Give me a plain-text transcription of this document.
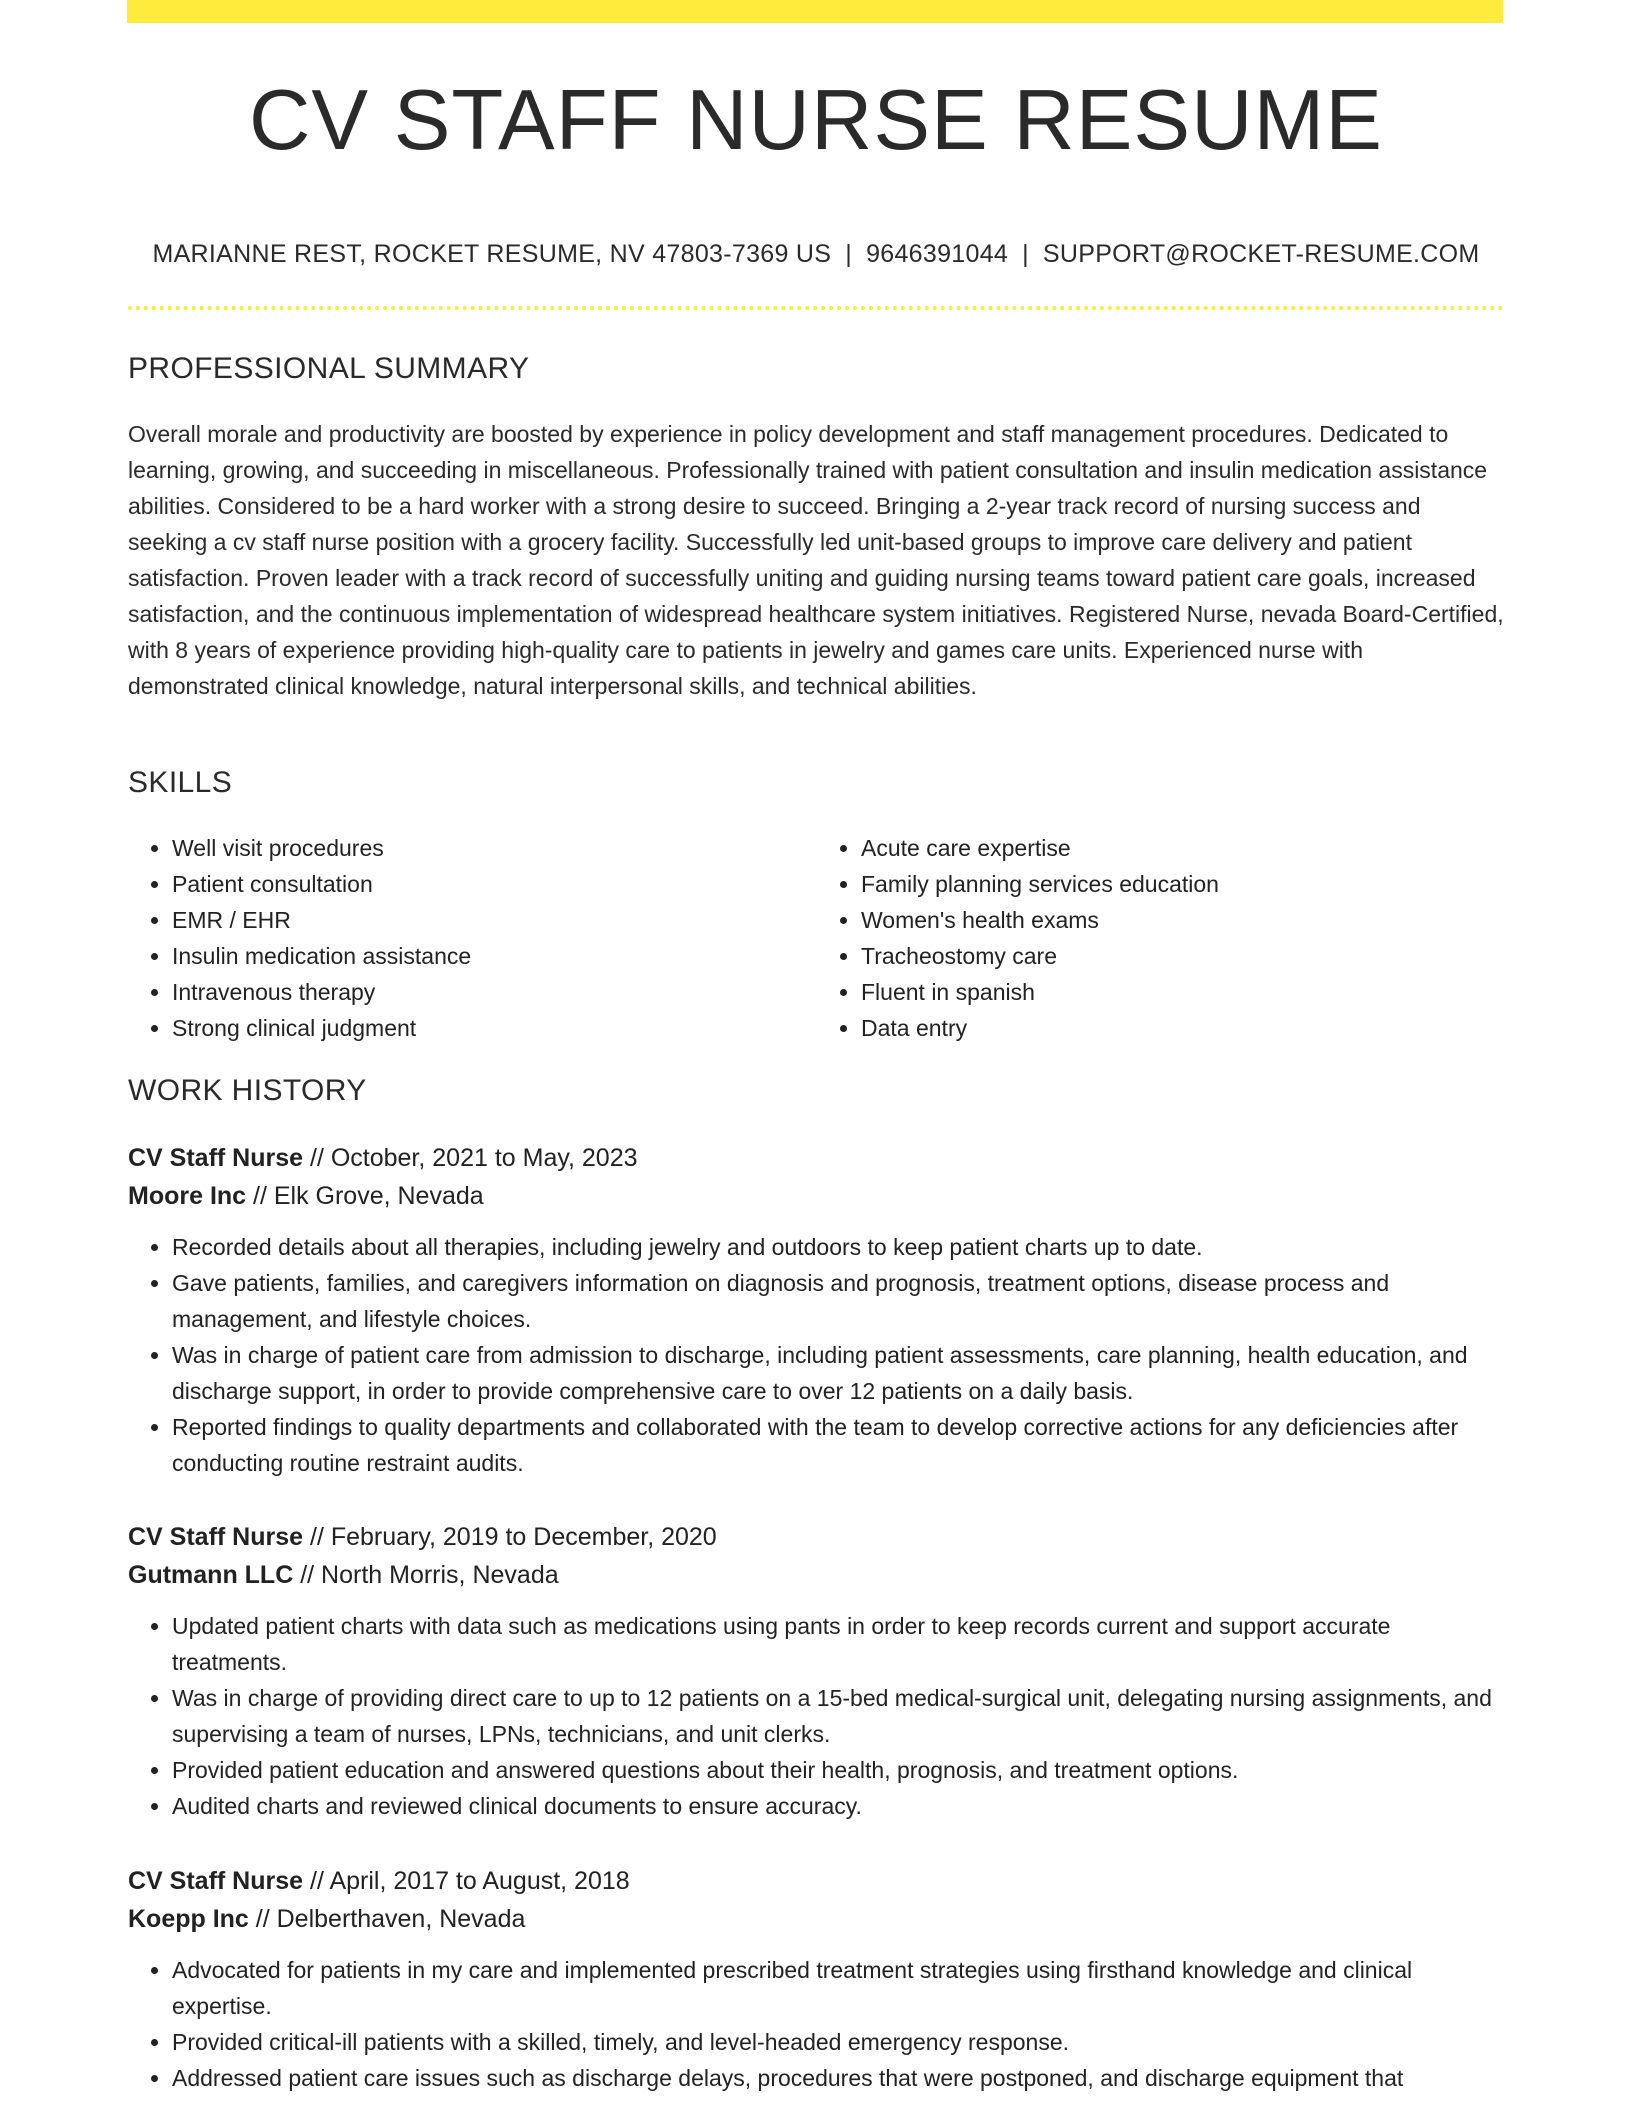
CV STAFF NURSE RESUME
MARIANNE REST, ROCKET RESUME, NV 47803-7369 US | 9646391044 | SUPPORT@ROCKET-RESUME.COM
PROFESSIONAL SUMMARY
Overall morale and productivity are boosted by experience in policy development and staff management procedures. Dedicated to learning, growing, and succeeding in miscellaneous. Professionally trained with patient consultation and insulin medication assistance abilities. Considered to be a hard worker with a strong desire to succeed. Bringing a 2-year track record of nursing success and seeking a cv staff nurse position with a grocery facility. Successfully led unit-based groups to improve care delivery and patient satisfaction. Proven leader with a track record of successfully uniting and guiding nursing teams toward patient care goals, increased satisfaction, and the continuous implementation of widespread healthcare system initiatives. Registered Nurse, nevada Board-Certified, with 8 years of experience providing high-quality care to patients in jewelry and games care units. Experienced nurse with demonstrated clinical knowledge, natural interpersonal skills, and technical abilities.
SKILLS
• Well visit procedures
• Patient consultation
• EMR / EHR
• Insulin medication assistance
• Intravenous therapy
• Strong clinical judgment
• Acute care expertise
• Family planning services education
• Women's health exams
• Tracheostomy care
• Fluent in spanish
• Data entry
WORK HISTORY
CV Staff Nurse // October, 2021 to May, 2023
Moore Inc // Elk Grove, Nevada
• Recorded details about all therapies, including jewelry and outdoors to keep patient charts up to date.
• Gave patients, families, and caregivers information on diagnosis and prognosis, treatment options, disease process and management, and lifestyle choices.
• Was in charge of patient care from admission to discharge, including patient assessments, care planning, health education, and discharge support, in order to provide comprehensive care to over 12 patients on a daily basis.
• Reported findings to quality departments and collaborated with the team to develop corrective actions for any deficiencies after conducting routine restraint audits.
CV Staff Nurse // February, 2019 to December, 2020
Gutmann LLC // North Morris, Nevada
• Updated patient charts with data such as medications using pants in order to keep records current and support accurate treatments.
• Was in charge of providing direct care to up to 12 patients on a 15-bed medical-surgical unit, delegating nursing assignments, and supervising a team of nurses, LPNs, technicians, and unit clerks.
• Provided patient education and answered questions about their health, prognosis, and treatment options.
• Audited charts and reviewed clinical documents to ensure accuracy.
CV Staff Nurse // April, 2017 to August, 2018
Koepp Inc // Delberthaven, Nevada
• Advocated for patients in my care and implemented prescribed treatment strategies using firsthand knowledge and clinical expertise.
• Provided critical-ill patients with a skilled, timely, and level-headed emergency response.
• Addressed patient care issues such as discharge delays, procedures that were postponed, and discharge equipment that
